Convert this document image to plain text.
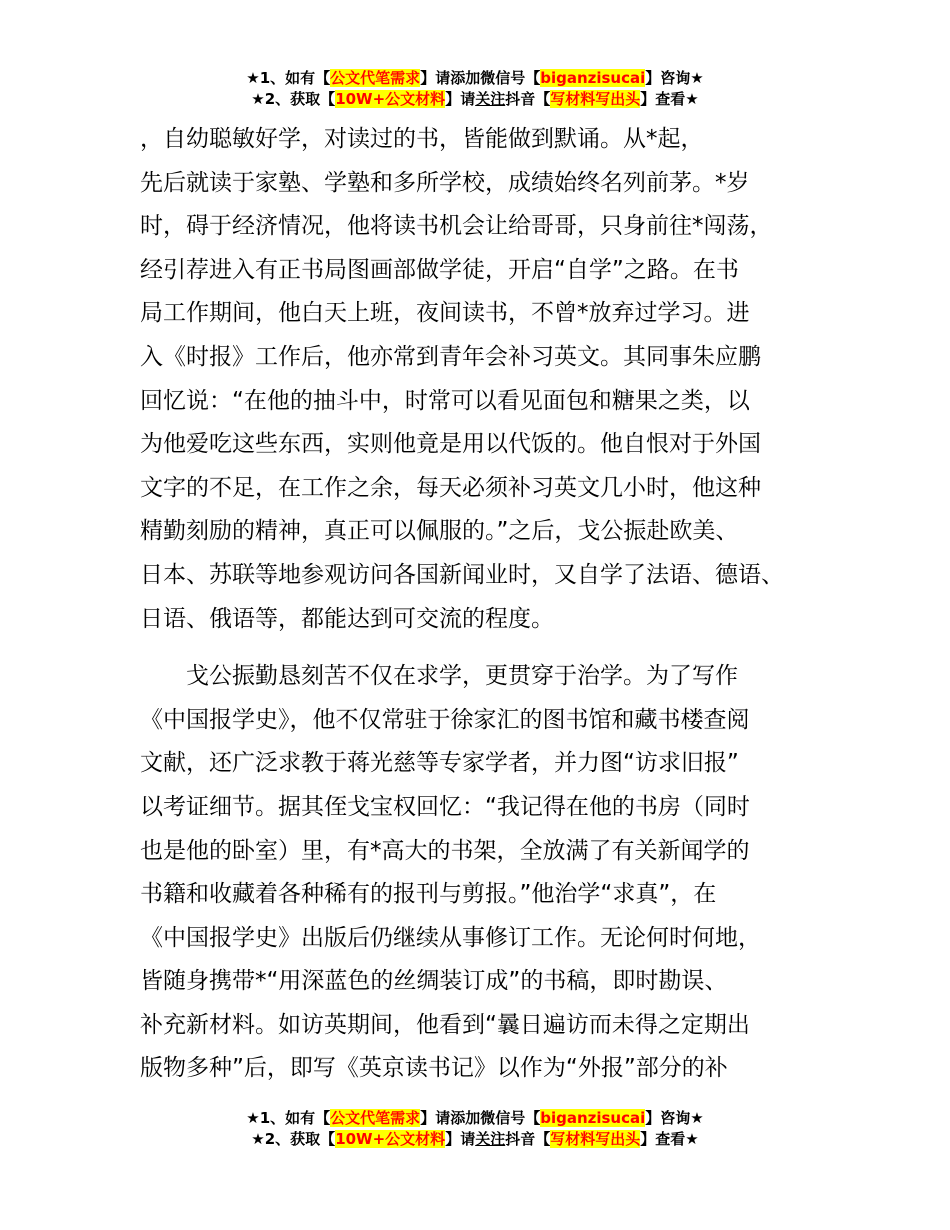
★1、如有【公文代笔需求】请添加微信号【biganzisucai】咨询★
★2、获取【10W+公文材料】请关注抖音【写材料写出头】查看★
，自幼聪敏好学，对读过的书，皆能做到默诵。从*起，
先后就读于家塾、学塾和多所学校，成绩始终名列前茅。*岁
时，碍于经济情况，他将读书机会让给哥哥，只身前往*闯荡，
经引荐进入有正书局图画部做学徒，开启“自学”之路。在书
局工作期间，他白天上班，夜间读书，不曾*放弃过学习。进
入《时报》工作后，他亦常到青年会补习英文。其同事朱应鹏
回忆说：“在他的抽斗中，时常可以看见面包和糖果之类，以
为他爱吃这些东西，实则他竟是用以代饭的。他自恨对于外国
文字的不足，在工作之余，每天必须补习英文几小时，他这种
精勤刻励的精神，真正可以佩服的。”之后，戈公振赴欧美、
日本、苏联等地参观访问各国新闻业时，又自学了法语、德语、
日语、俄语等，都能达到可交流的程度。
　　戈公振勤恳刻苦不仅在求学，更贯穿于治学。为了写作
《中国报学史》，他不仅常驻于徐家汇的图书馆和藏书楼查阅
文献，还广泛求教于蒋光慈等专家学者，并力图“访求旧报”
以考证细节。据其侄戈宝权回忆：“我记得在他的书房（同时
也是他的卧室）里，有*高大的书架，全放满了有关新闻学的
书籍和收藏着各种稀有的报刊与剪报。”他治学“求真”，在
《中国报学史》出版后仍继续从事修订工作。无论何时何地，
皆随身携带*“用深蓝色的丝绸装订成”的书稿，即时勘误、
补充新材料。如访英期间，他看到“曩日遍访而未得之定期出
版物多种”后，即写《英京读书记》以作为“外报”部分的补
★1、如有【公文代笔需求】请添加微信号【biganzisucai】咨询★
★2、获取【10W+公文材料】请关注抖音【写材料写出头】查看★
